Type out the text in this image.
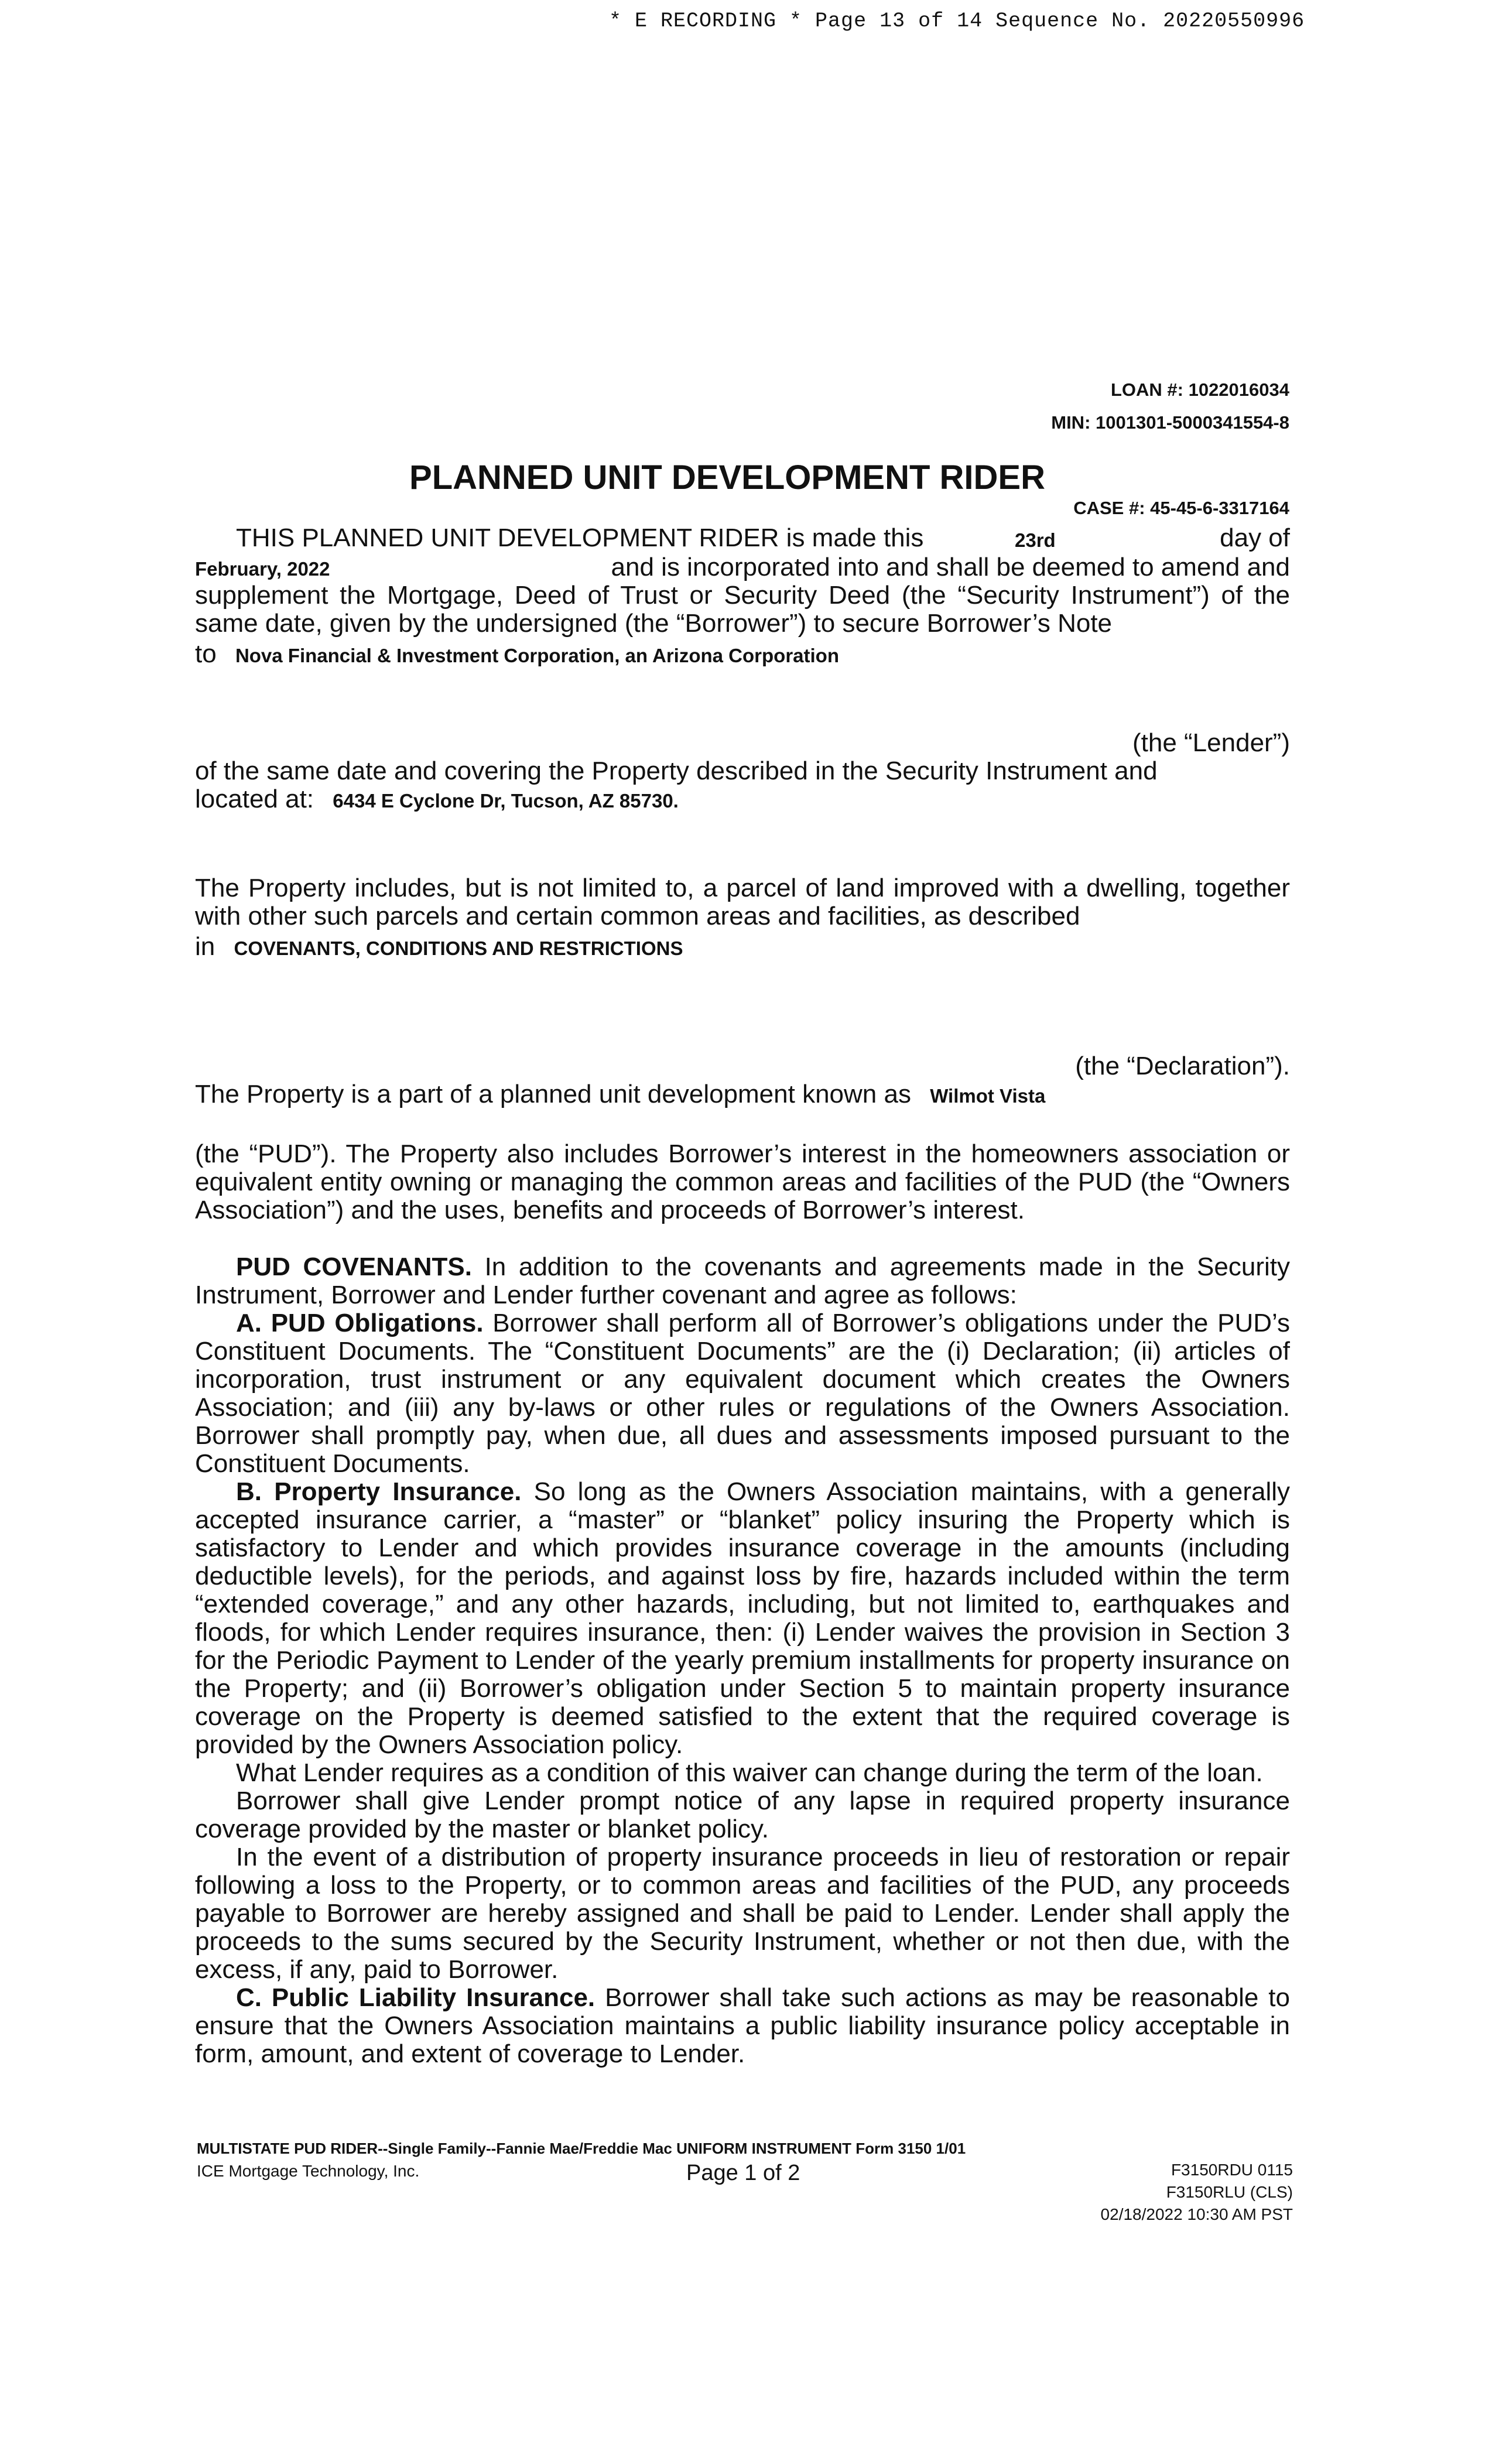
* E RECORDING * Page 13 of 14 Sequence No. 20220550996
LOAN #: 1022016034
MIN: 1001301-5000341554-8
PLANNED UNIT DEVELOPMENT RIDER
CASE #: 45-45-6-3317164
THIS PLANNED UNIT DEVELOPMENT RIDER is made this	23rd	day of
February, 2022	and is incorporated into and shall be deemed to amend and

supplement the Mortgage, Deed of Trust or Security Deed (the “Security Instrument”) of the same date, given by the undersigned (the “Borrower”) to secure Borrower’s Note

to Nova Financial & Investment Corporation, an Arizona Corporation
(the “Lender”)
of the same date and covering the Property described in the Security Instrument and
located at: 6434 E Cyclone Dr, Tucson, AZ 85730.

The Property includes, but is not limited to, a parcel of land improved with a dwelling, together with other such parcels and certain common areas and facilities, as described

in COVENANTS, CONDITIONS AND RESTRICTIONS
(the “Declaration”).
The Property is a part of a planned unit development known as Wilmot Vista

(the “PUD”). The Property also includes Borrower’s interest in the homeowners association or equivalent entity owning or managing the common areas and facilities of the PUD (the “Owners Association”) and the uses, benefits and proceeds of Borrower’s interest.

PUD COVENANTS. In addition to the covenants and agreements made in the Security Instrument, Borrower and Lender further covenant and agree as follows:

A. PUD Obligations. Borrower shall perform all of Borrower’s obligations under the PUD’s Constituent Documents. The “Constituent Documents” are the (i) Declaration; (ii) articles of incorporation, trust instrument or any equivalent document which creates the Owners Association; and (iii) any by-laws or other rules or regulations of the Owners Association. Borrower shall promptly pay, when due, all dues and assessments imposed pursuant to the Constituent Documents.

B. Property Insurance. So long as the Owners Association maintains, with a generally accepted insurance carrier, a “master” or “blanket” policy insuring the Property which is satisfactory to Lender and which provides insurance coverage in the amounts (including deductible levels), for the periods, and against loss by fire, hazards included within the term “extended coverage,” and any other hazards, including, but not limited to, earthquakes and floods, for which Lender requires insurance, then: (i) Lender waives the provision in Section 3 for the Periodic Payment to Lender of the yearly premium installments for property insurance on the Property; and (ii) Borrower’s obligation under Section 5 to maintain property insurance coverage on the Property is deemed satisfied to the extent that the required coverage is provided by the Owners Association policy.

What Lender requires as a condition of this waiver can change during the term of the loan.

Borrower shall give Lender prompt notice of any lapse in required property insurance coverage provided by the master or blanket policy.

In the event of a distribution of property insurance proceeds in lieu of restoration or repair following a loss to the Property, or to common areas and facilities of the PUD, any proceeds payable to Borrower are hereby assigned and shall be paid to Lender. Lender shall apply the proceeds to the sums secured by the Security Instrument, whether or not then due, with the excess, if any, paid to Borrower.

C. Public Liability Insurance. Borrower shall take such actions as may be reasonable to ensure that the Owners Association maintains a public liability insurance policy acceptable in form, amount, and extent of coverage to Lender.

MULTISTATE PUD RIDER--Single Family--Fannie Mae/Freddie Mac UNIFORM INSTRUMENT Form 3150 1/01
ICE Mortgage Technology, Inc.	Page 1 of 2	F3150RDU 0115
F3150RLU (CLS)
02/18/2022 10:30 AM PST
